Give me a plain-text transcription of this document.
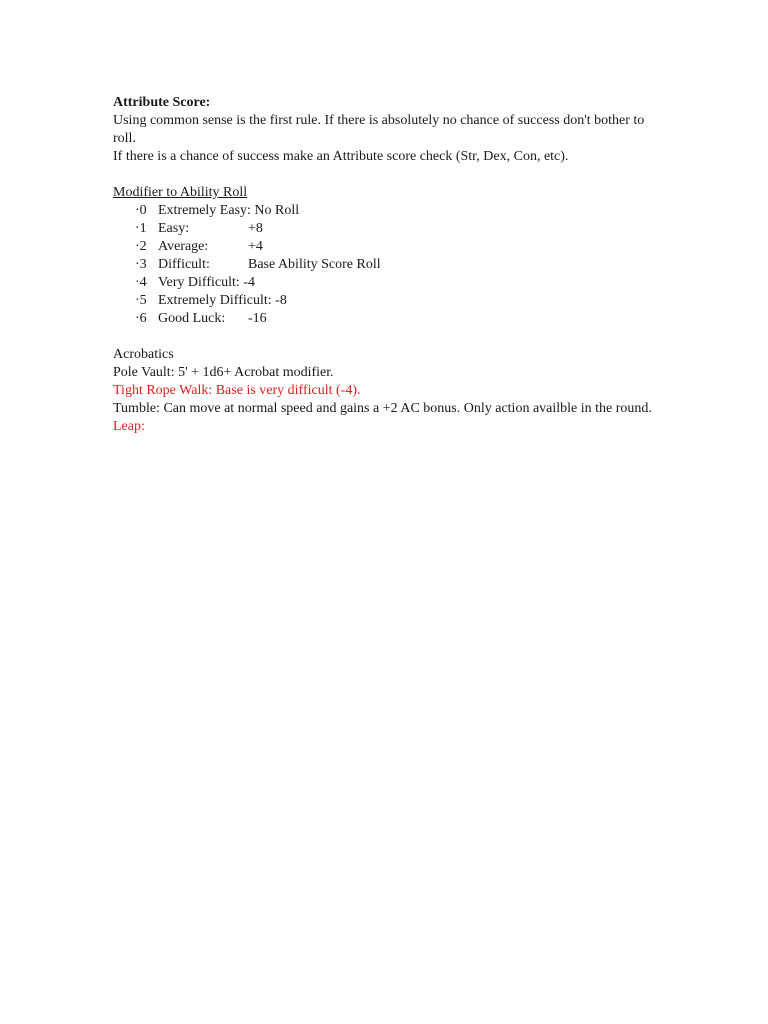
Attribute Score:
Using common sense is the first rule. If there is absolutely no chance of success don't bother to roll.
If there is a chance of success make an Attribute score check (Str, Dex, Con, etc).
Modifier to Ability Roll
·0 Extremely Easy: No Roll
·1 Easy:	+8
·2 Average:	+4
·3 Difficult:	Base Ability Score Roll
·4 Very Difficult: -4
·5 Extremely Difficult: -8
·6 Good Luck:	-16
Acrobatics
Pole Vault: 5' + 1d6+ Acrobat modifier.
Tight Rope Walk: Base is very difficult (-4).
Tumble: Can move at normal speed and gains a +2 AC bonus. Only action availble in the round.
Leap:
